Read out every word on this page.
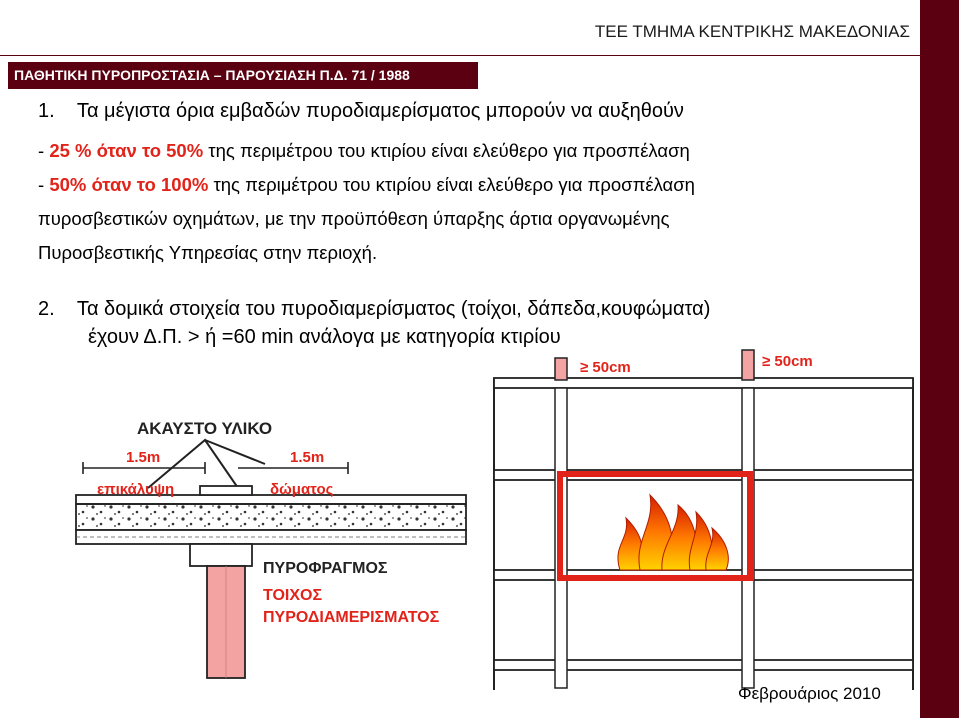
ΤΕΕ ΤΜΗΜΑ ΚΕΝΤΡΙΚΗΣ ΜΑΚΕΔΟΝΙΑΣ
ΠΑΘΗΤΙΚΗ ΠΥΡΟΠΡΟΣΤΑΣΙΑ – ΠΑΡΟΥΣΙΑΣΗ Π.Δ. 71 / 1988
1. Τα μέγιστα όρια εμβαδών πυροδιαμερίσματος μπορούν να αυξηθούν
- 25 % όταν το 50% της περιμέτρου του κτιρίου είναι ελεύθερο για προσπέλαση
- 50% όταν το 100% της περιμέτρου του κτιρίου είναι ελεύθερο για προσπέλαση
πυροσβεστικών οχημάτων, με την προϋπόθεση ύπαρξης άρτια οργανωμένης
Πυροσβεστικής Υπηρεσίας στην περιοχή.
2. Τα δομικά στοιχεία του πυροδιαμερίσματος (τοίχοι, δάπεδα,κουφώματα)
έχουν Δ.Π. > ή =60 min ανάλογα με κατηγορία κτιρίου
ΑΚΑΥΣΤΟ ΥΛΙΚΟ
1.5m
επικάλυψη
1.5m
δώματος
ΠΥΡΟΦΡΑΓΜΟΣ
ΤΟΙΧΟΣ
ΠΥΡΟΔΙΑΜΕΡΙΣΜΑΤΟΣ
≥ 50cm	≥ 50cm
Φεβρουάριος 2010
